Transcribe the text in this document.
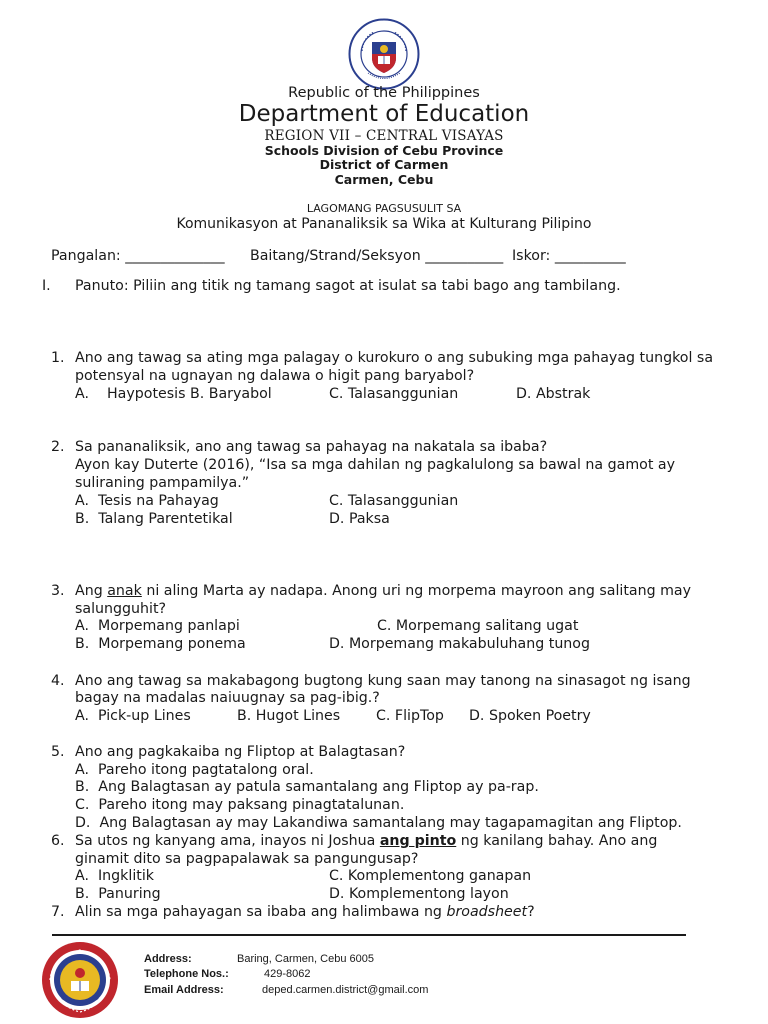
Republic of the Philippines
Department of Education
REGION VII – CENTRAL VISAYAS
Schools Division of Cebu Province
District of Carmen
Carmen, Cebu
LAGOMANG PAGSUSULIT SA
Komunikasyon at Pananaliksik sa Wika at Kulturang Pilipino
Pangalan: ______________ Baitang/Strand/Seksyon ___________ Iskor: __________
I. Panuto: Piliin ang titik ng tamang sagot at isulat sa tabi bago ang tambilang.
1. Ano ang tawag sa ating mga palagay o kurokuro o ang subuking mga pahayag tungkol sa
potensyal na ugnayan ng dalawa o higit pang baryabol?
A.    Haypotesis B. Baryabol	C. Talasanggunian	D. Abstrak
2. Sa pananaliksik, ano ang tawag sa pahayag na nakatala sa ibaba?
Ayon kay Duterte (2016), “Isa sa mga dahilan ng pagkalulong sa bawal na gamot ay
suliraning pampamilya.”
A.  Tesis na Pahayag	C. Talasanggunian
B.  Talang Parentetikal	D. Paksa
3. Ang anak ni aling Marta ay nadapa. Anong uri ng morpema mayroon ang salitang may
salungguhit?
A.  Morpemang panlapi	C. Morpemang salitang ugat
B.  Morpemang ponema	D. Morpemang makabuluhang tunog
4. Ano ang tawag sa makabagong bugtong kung saan may tanong na sinasagot ng isang
bagay na madalas naiuugnay sa pag-ibig.?
A.  Pick-up Lines	B. Hugot Lines	C. FlipTop D. Spoken Poetry
5. Ano ang pagkakaiba ng Fliptop at Balagtasan?
A.  Pareho itong pagtatalong oral.
B.  Ang Balagtasan ay patula samantalang ang Fliptop ay pa-rap.
C.  Pareho itong may paksang pinagtatalunan.
D.  Ang Balagtasan ay may Lakandiwa samantalang may tagapamagitan ang Fliptop.
6. Sa utos ng kanyang ama, inayos ni Joshua ang pinto ng kanilang bahay. Ano ang
ginamit dito sa pagpapalawak sa pangungusap?
A.  Ingklitik	C. Komplementong ganapan
B.  Panuring	D. Komplementong layon
7. Alin sa mga pahayagan sa ibaba ang halimbawa ng broadsheet?
Address:	Baring, Carmen, Cebu 6005
Telephone Nos.:	429-8062
Email Address:	deped.carmen.district@gmail.com
